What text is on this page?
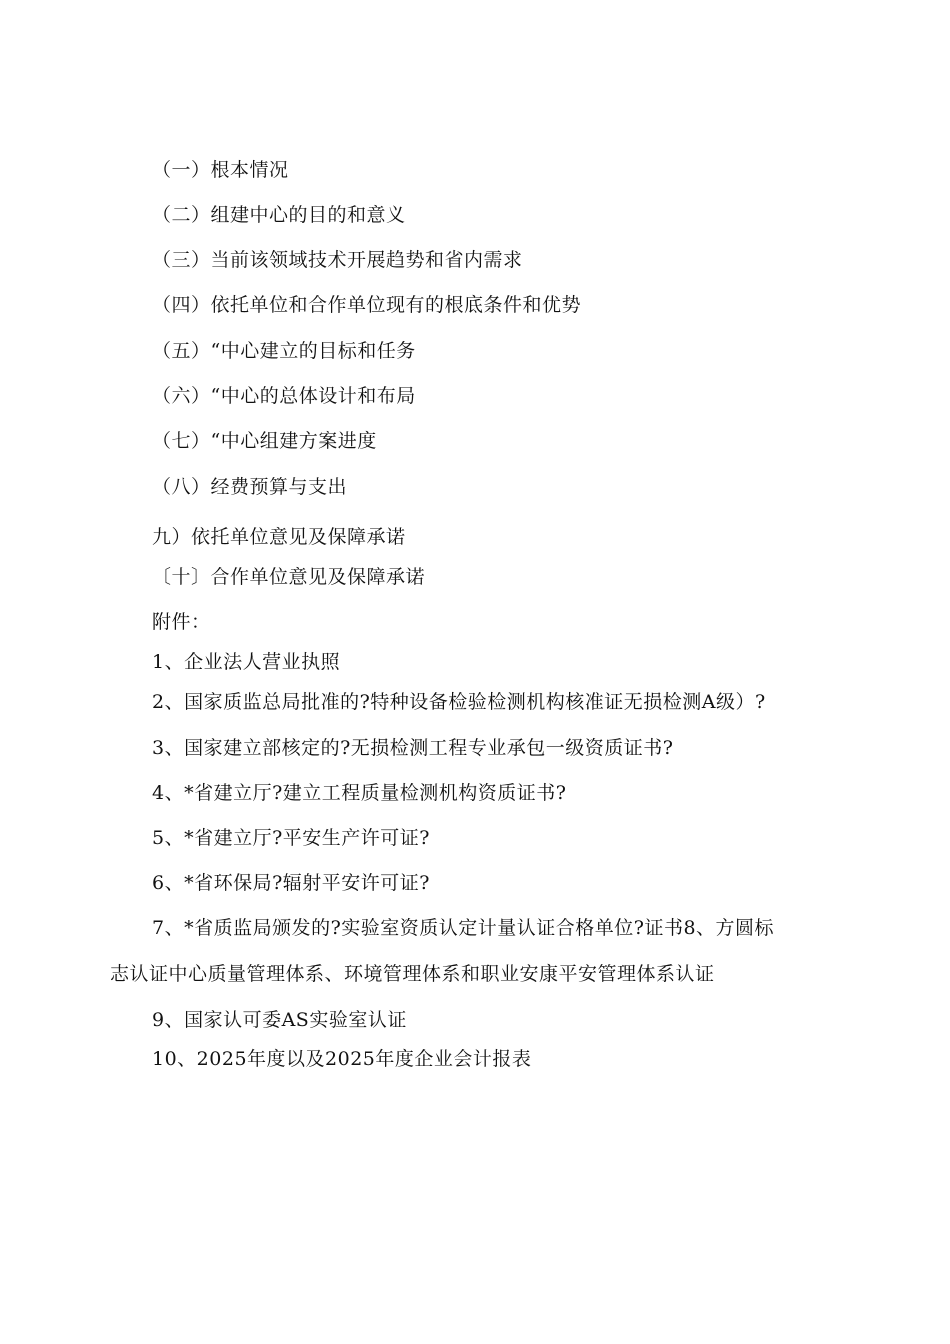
（一）根本情况
（二）组建中心的目的和意义
（三）当前该领域技术开展趋势和省内需求
（四）依托单位和合作单位现有的根底条件和优势
（五）“中心建立的目标和任务
（六）“中心的总体设计和布局
（七）“中心组建方案进度
（八）经费预算与支出
九）依托单位意见及保障承诺
〔十〕合作单位意见及保障承诺
附件：
1、企业法人营业执照
2、国家质监总局批准的?特种设备检验检测机构核准证无损检测A级）?
3、国家建立部核定的?无损检测工程专业承包一级资质证书?
4、*省建立厅?建立工程质量检测机构资质证书?
5、*省建立厅?平安生产许可证?
6、*省环保局?辐射平安许可证?
7、*省质监局颁发的?实验室资质认定计量认证合格单位?证书8、方圆标
志认证中心质量管理体系、环境管理体系和职业安康平安管理体系认证
9、国家认可委AS实验室认证
10、2025年度以及2025年度企业会计报表
